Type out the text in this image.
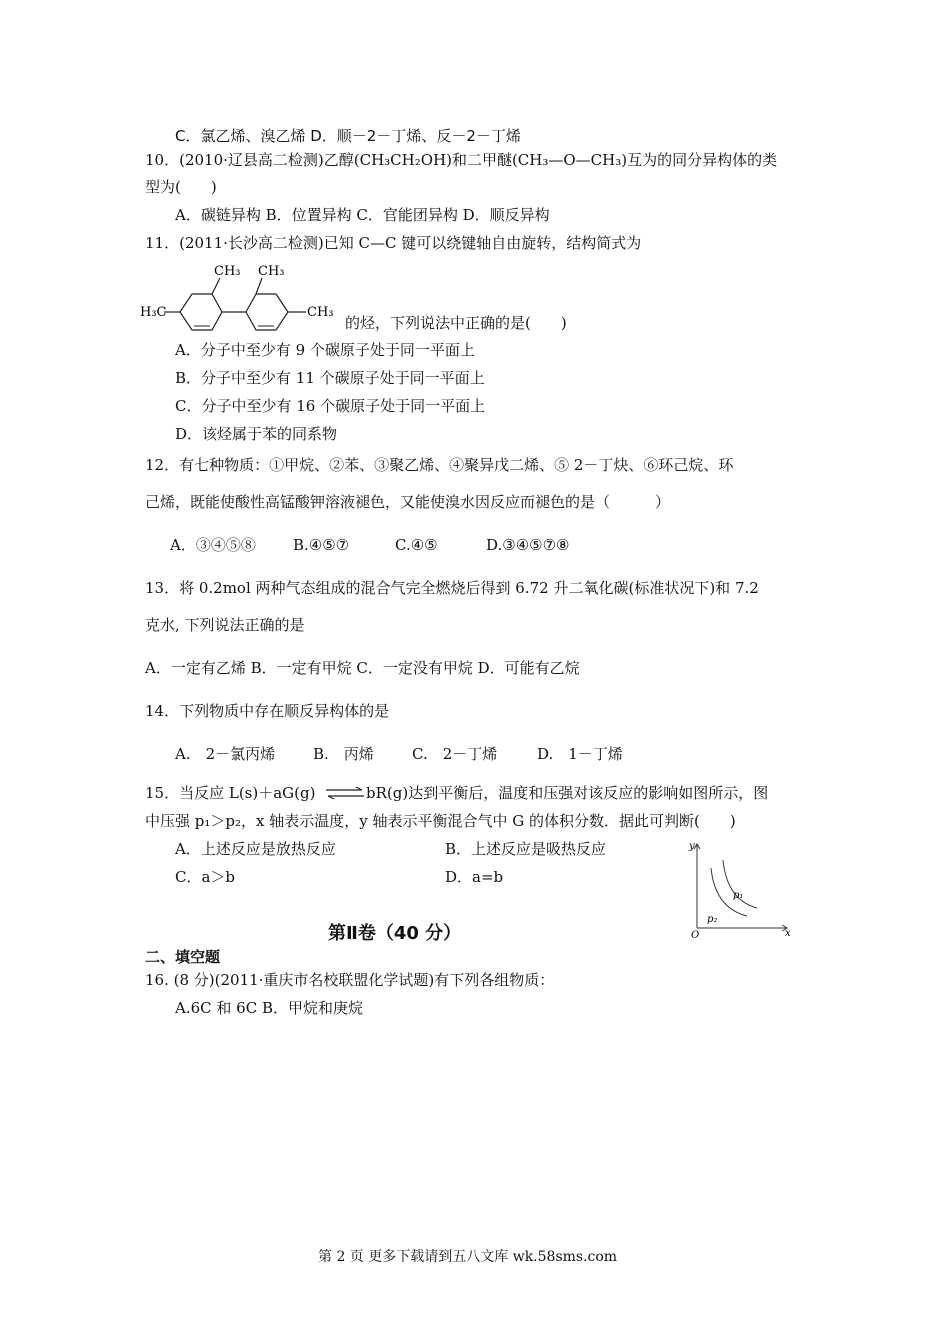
C．氯乙烯、溴乙烯 D．顺－2－丁烯、反－2－丁烯
10．(2010·辽县高二检测)乙醇(CH₃CH₂OH)和二甲醚(CH₃—O—CH₃)互为的同分异构体的类
型为(　　)
A．碳链异构 B．位置异构 C．官能团异构 D．顺反异构
11．(2011·长沙高二检测)已知 C—C 键可以绕键轴自由旋转，结构简式为
H₃C
CH₃ CH₃
CH₃
的烃，下列说法中正确的是(　　)
A．分子中至少有 9 个碳原子处于同一平面上
B．分子中至少有 11 个碳原子处于同一平面上
C．分子中至少有 16 个碳原子处于同一平面上
D．该烃属于苯的同系物
12．有七种物质：①甲烷、②苯、③聚乙烯、④聚异戊二烯、⑤ 2－丁炔、⑥环己烷、环
己烯，既能使酸性高锰酸钾溶液褪色，又能使溴水因反应而褪色的是（　　　）
A．③④⑤⑧ B.④⑤⑦	C.④⑤	D.③④⑤⑦⑧
13．将 0.2mol 两种气态组成的混合气完全燃烧后得到 6.72 升二氧化碳(标准状况下)和 7.2
克水, 下列说法正确的是
A．一定有乙烯 B．一定有甲烷 C．一定没有甲烷 D．可能有乙烷
14．下列物质中存在顺反异构体的是
A.　2－氯丙烯	B.　丙烯	C.　2－丁烯	D.　1－丁烯
15．当反应 L(s)＋aG(g) ⇌ bR(g)达到平衡后，温度和压强对该反应的影响如图所示，图
中压强 p₁＞p₂，x 轴表示温度，y 轴表示平衡混合气中 G 的体积分数．据此可判断(　　)
A．上述反应是放热反应	B．上述反应是吸热反应
C．a＞b	D．a=b
y
x
O
p₁
p₂
第Ⅱ卷（40 分）
二、填空题
16. (8 分)(2011·重庆市名校联盟化学试题)有下列各组物质：
A.6C 和 6C B．甲烷和庚烷
第 2 页 更多下载请到五八文库 wk.58sms.com
